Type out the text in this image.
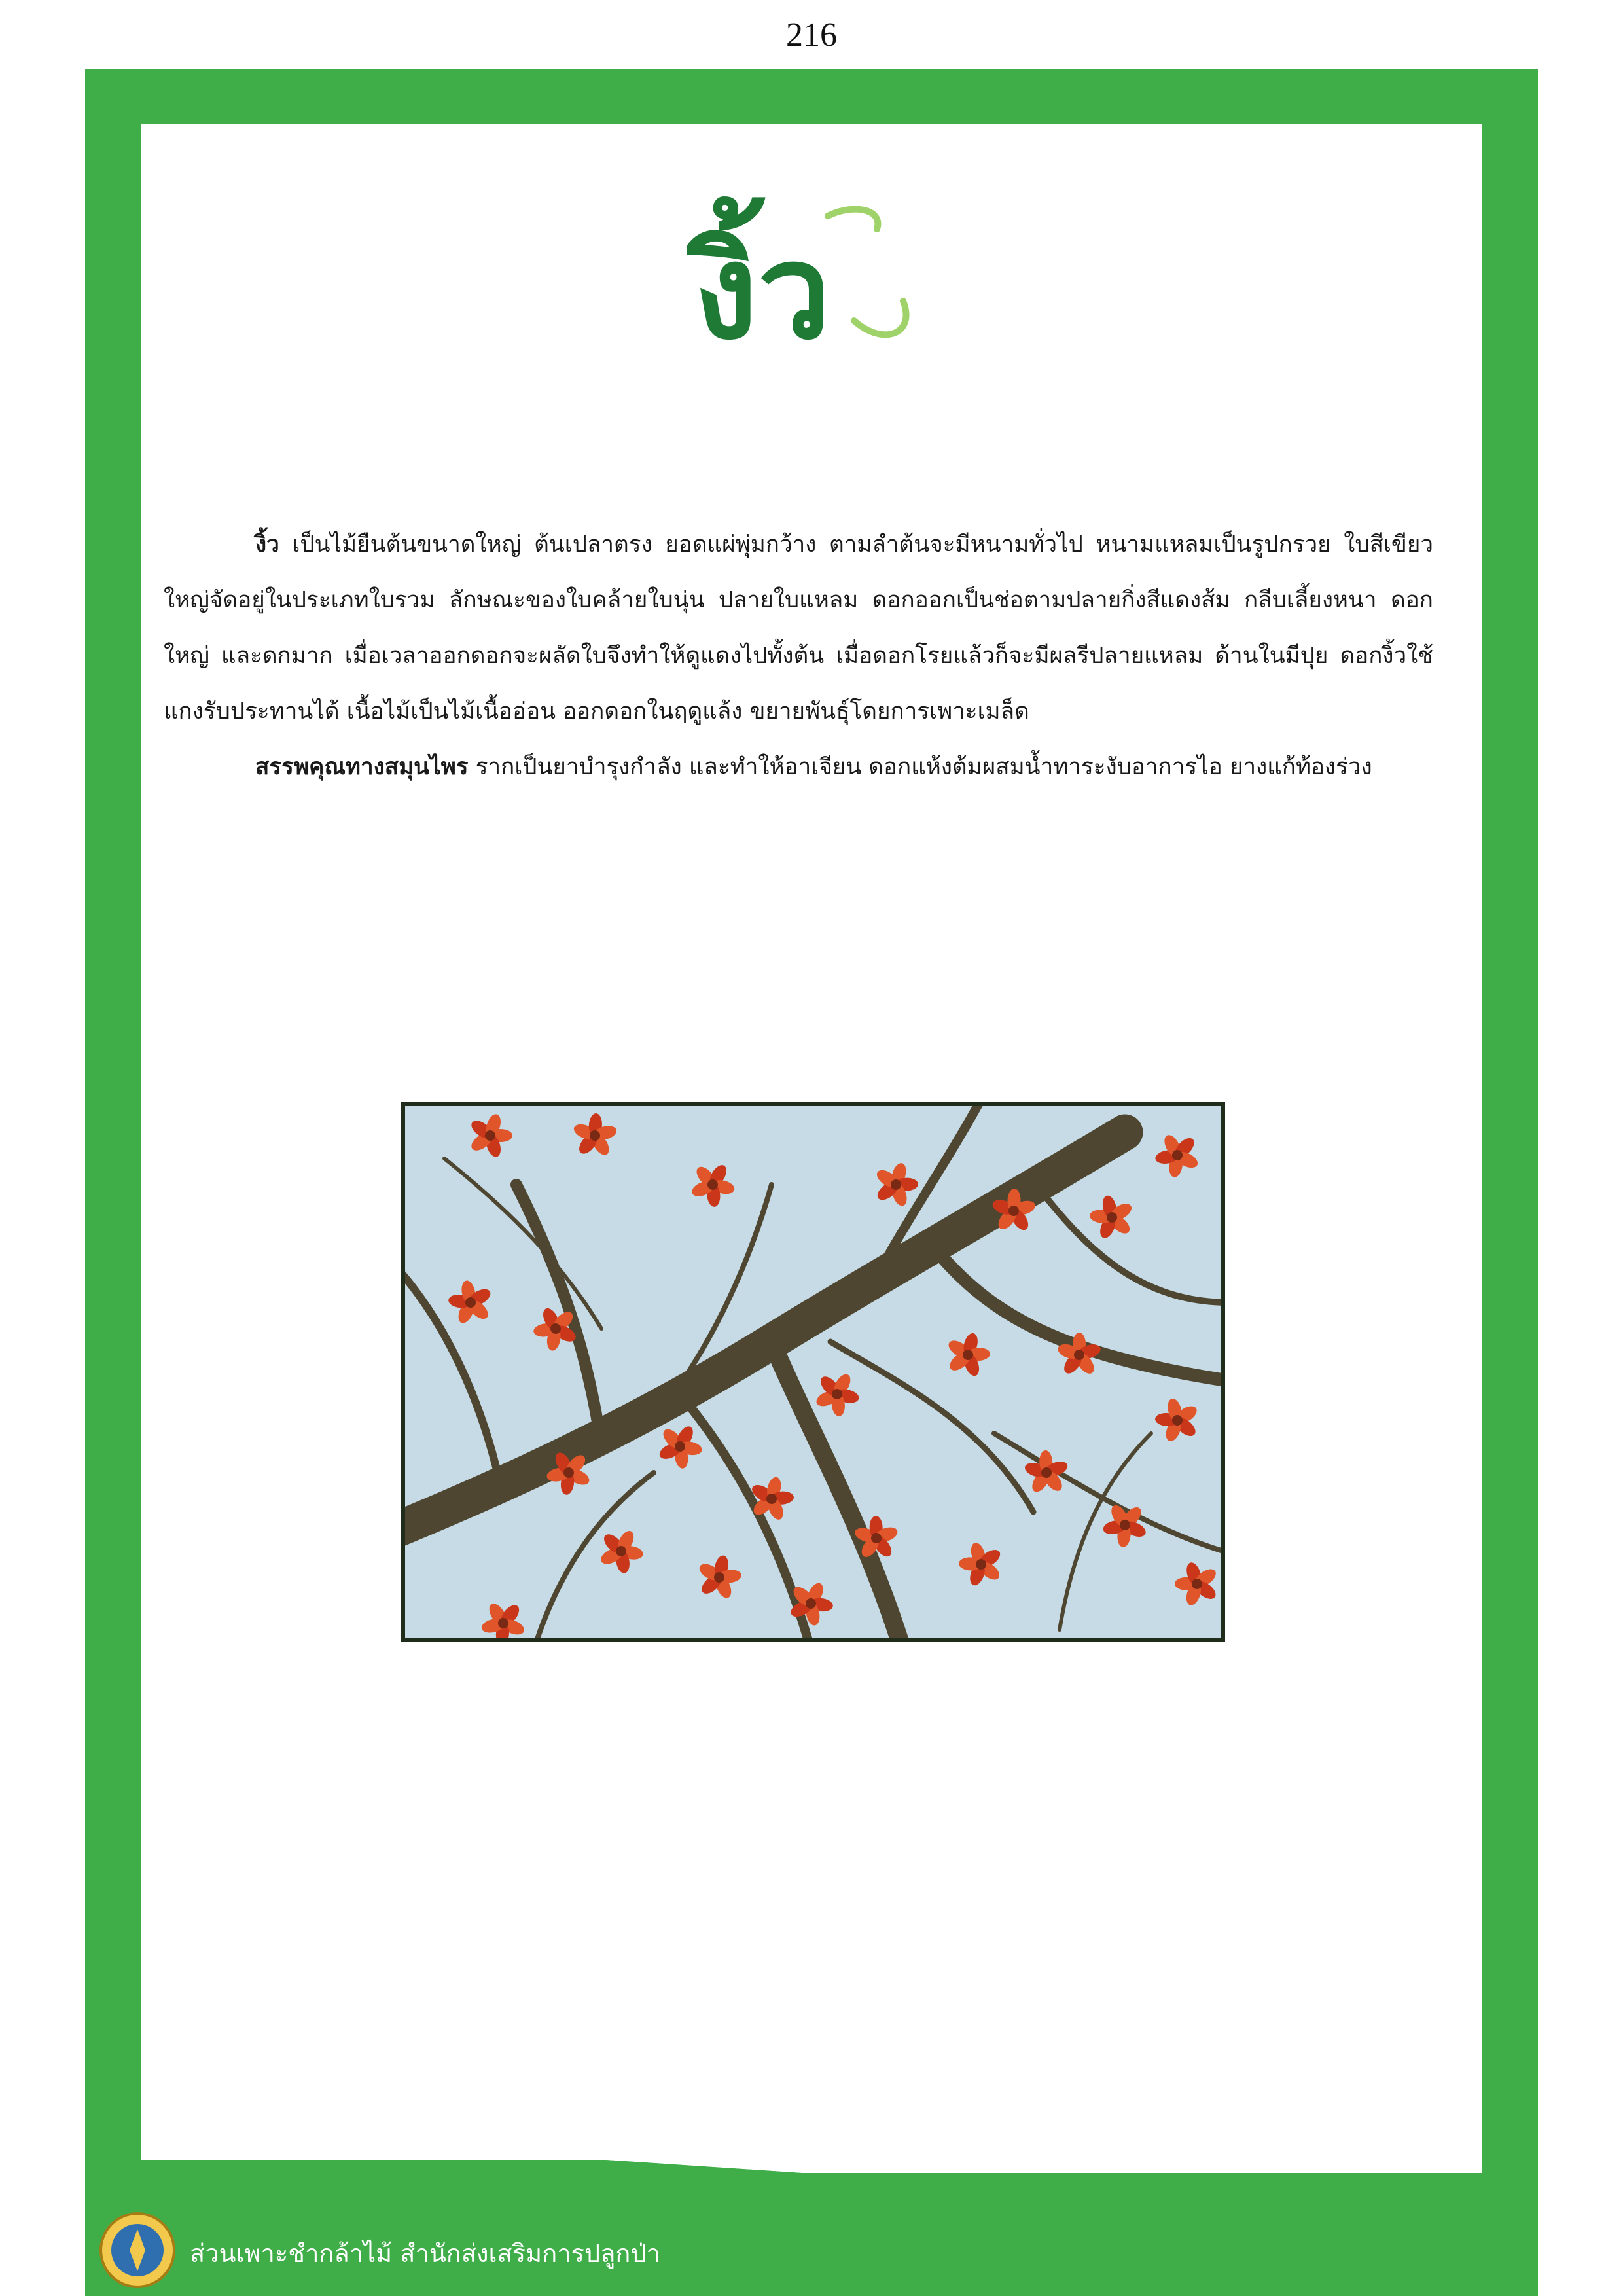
216
งิ้ว

งิ้ว เป็นไม้ยืนต้นขนาดใหญ่ ต้นเปลาตรง ยอดแผ่พุ่มกว้าง ตามลำต้นจะมีหนามทั่วไป หนามแหลมเป็นรูปกรวย ใบสีเขียวใหญ่จัดอยู่ในประเภทใบรวม ลักษณะของใบคล้ายใบนุ่น ปลายใบแหลม ดอกออกเป็นช่อตามปลายกิ่งสีแดงส้ม กลีบเลี้ยงหนา ดอกใหญ่ และดกมาก เมื่อเวลาออกดอกจะผลัดใบจึงทำให้ดูแดงไปทั้งต้น เมื่อดอกโรยแล้วก็จะมีผลรีปลายแหลม ด้านในมีปุย ดอกงิ้วใช้แกงรับประทานได้ เนื้อไม้เป็นไม้เนื้ออ่อน ออกดอกในฤดูแล้ง ขยายพันธุ์โดยการเพาะเมล็ด

สรรพคุณทางสมุนไพร รากเป็นยาบำรุงกำลัง และทำให้อาเจียน ดอกแห้งต้มผสมน้ำทาระงับอาการไอ ยางแก้ท้องร่วง

ส่วนเพาะชำกล้าไม้ สำนักส่งเสริมการปลูกป่า
